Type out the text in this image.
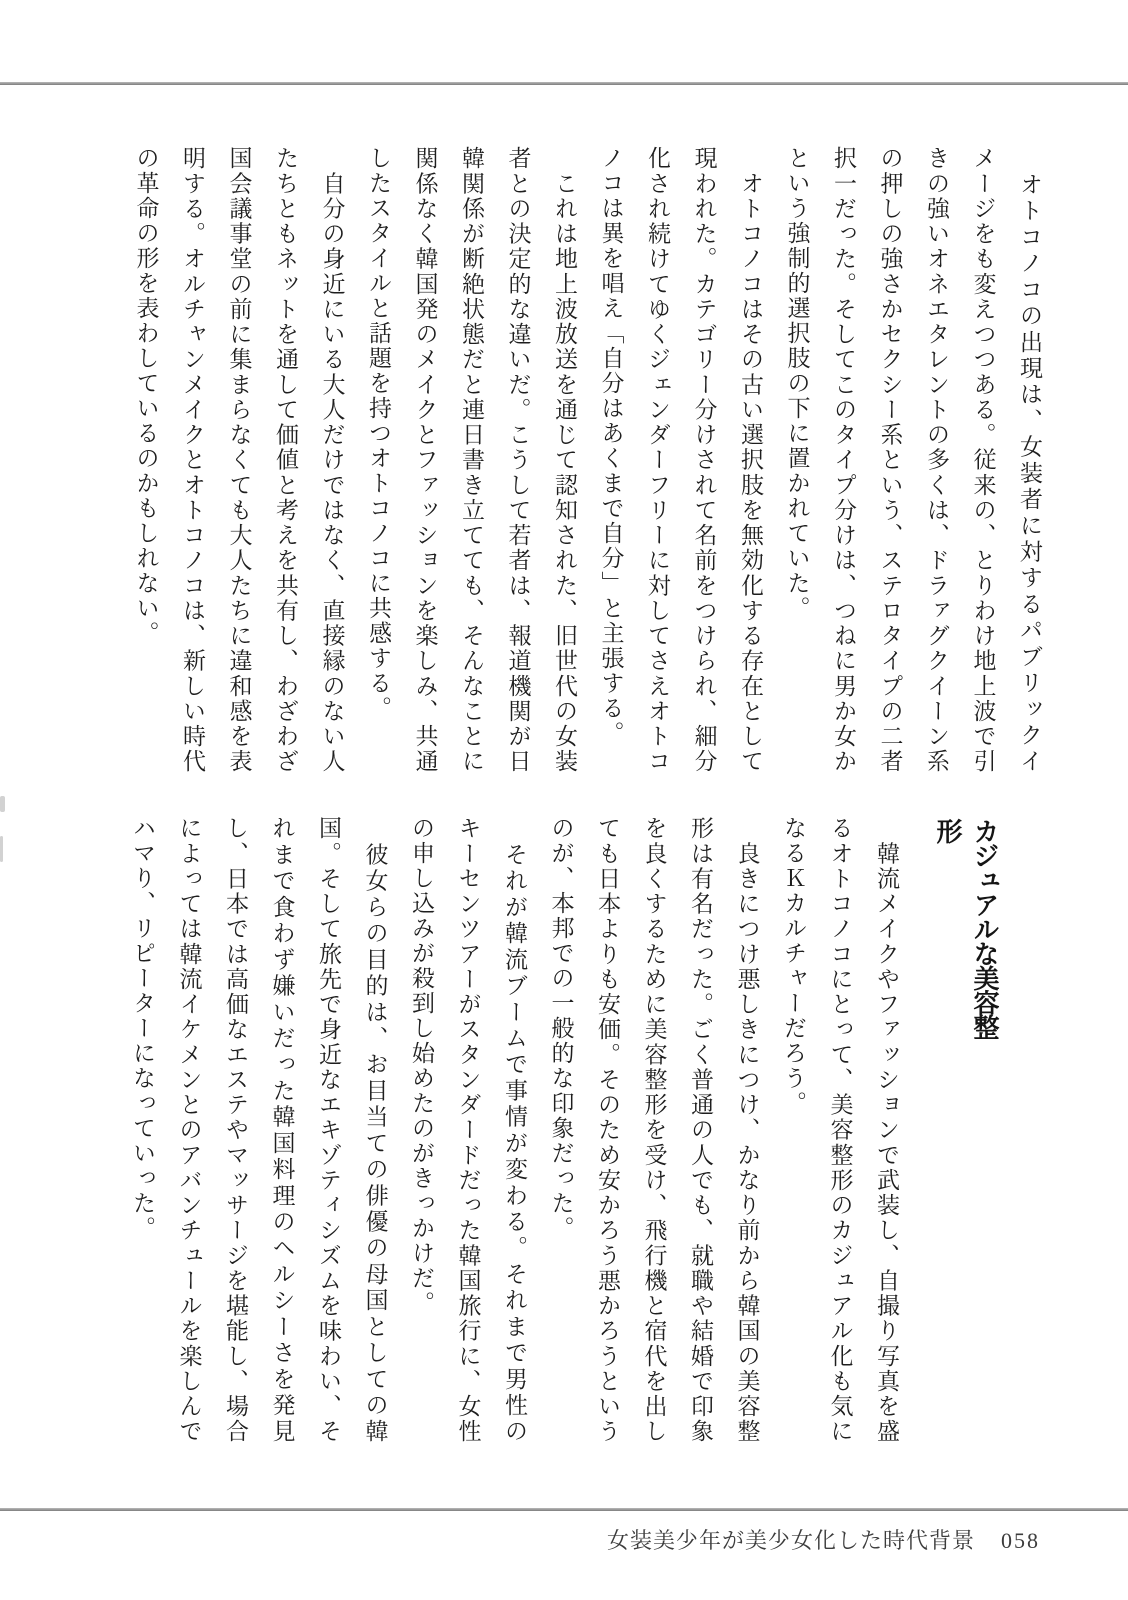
　オトコノコの出現は、女装者に対するパブリックイメージをも変えつつある。従来の、とりわけ地上波で引きの強いオネエタレントの多くは、ドラァグクイーン系の押しの強さかセクシー系という、ステロタイプの二者択一だった。そしてこのタイプ分けは、つねに男か女かという強制的選択肢の下に置かれていた。

　オトコノコはその古い選択肢を無効化する存在として現われた。カテゴリー分けされて名前をつけられ、細分化され続けてゆくジェンダーフリーに対してさえオトコノコは異を唱え「自分はあくまで自分」と主張する。

　これは地上波放送を通じて認知された、旧世代の女装者との決定的な違いだ。こうして若者は、報道機関が日韓関係が断絶状態だと連日書き立てても、そんなことに関係なく韓国発のメイクとファッションを楽しみ、共通したスタイルと話題を持つオトコノコに共感する。

　自分の身近にいる大人だけではなく、直接縁のない人たちともネットを通して価値と考えを共有し、わざわざ国会議事堂の前に集まらなくても大人たちに違和感を表明する。オルチャンメイクとオトコノコは、新しい時代の革命の形を表わしているのかもしれない。

カジュアルな美容整形

　韓流メイクやファッションで武装し、自撮り写真を盛るオトコノコにとって、美容整形のカジュアル化も気になるＫカルチャーだろう。

　良きにつけ悪しきにつけ、かなり前から韓国の美容整形は有名だった。ごく普通の人でも、就職や結婚で印象を良くするために美容整形を受け、飛行機と宿代を出しても日本よりも安価。そのため安かろう悪かろうというのが、本邦での一般的な印象だった。

　それが韓流ブームで事情が変わる。それまで男性のキーセンツアーがスタンダードだった韓国旅行に、女性の申し込みが殺到し始めたのがきっかけだ。

　彼女らの目的は、お目当ての俳優の母国としての韓国。そして旅先で身近なエキゾティシズムを味わい、それまで食わず嫌いだった韓国料理のヘルシーさを発見し、日本では高価なエステやマッサージを堪能し、場合によっては韓流イケメンとのアバンチュールを楽しんでハマり、リピーターになっていった。

女装美少年が美少女化した時代背景 058
